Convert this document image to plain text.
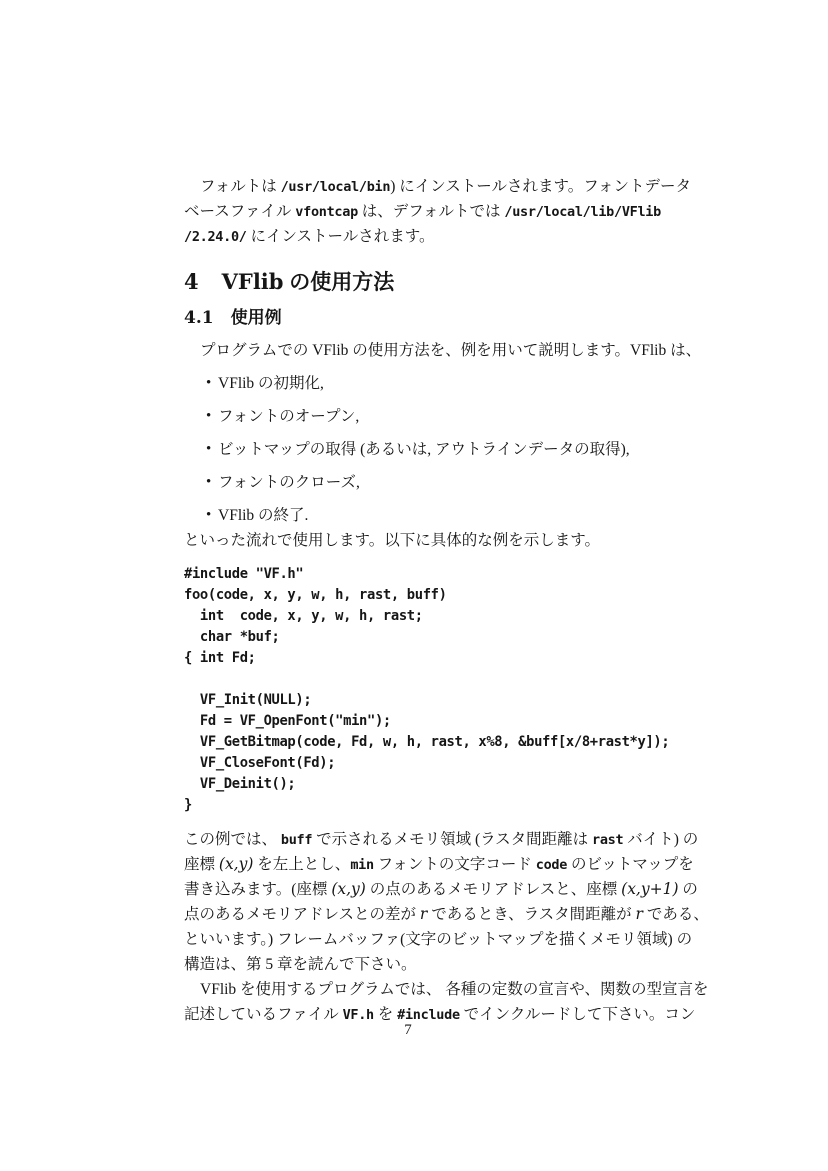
フォルトは /usr/local/bin) にインストールされます。フォントデータ
ベースファイル vfontcap は、デフォルトでは /usr/local/lib/VFlib
/2.24.0/ にインストールされます。
4 VFlib の使用方法
4.1 使用例
プログラムでの VFlib の使用方法を、例を用いて説明します。VFlib は、
• VFlib の初期化,
• フォントのオープン,
• ビットマップの取得 (あるいは, アウトラインデータの取得),
• フォントのクローズ,
• VFlib の終了.
といった流れで使用します。以下に具体的な例を示します。
#include "VF.h"
foo(code, x, y, w, h, rast, buff)
int  code, x, y, w, h, rast;
char *buf;
{ int Fd;
VF_Init(NULL);
Fd = VF_OpenFont("min");
VF_GetBitmap(code, Fd, w, h, rast, x%8, &buff[x/8+rast*y]);
VF_CloseFont(Fd);
VF_Deinit();
}
この例では、 buff で示されるメモリ領域 (ラスタ間距離は rast バイト) の
座標 (x,y) を左上とし、min フォントの文字コード code のビットマップを
書き込みます。(座標 (x,y) の点のあるメモリアドレスと、座標 (x,y+1) の
点のあるメモリアドレスとの差が r であるとき、ラスタ間距離が r である、
といいます。) フレームバッファ(文字のビットマップを描くメモリ領域) の
構造は、第 5 章を読んで下さい。
VFlib を使用するプログラムでは、 各種の定数の宣言や、関数の型宣言を
記述しているファイル VF.h を #include でインクルードして下さい。コン
7
